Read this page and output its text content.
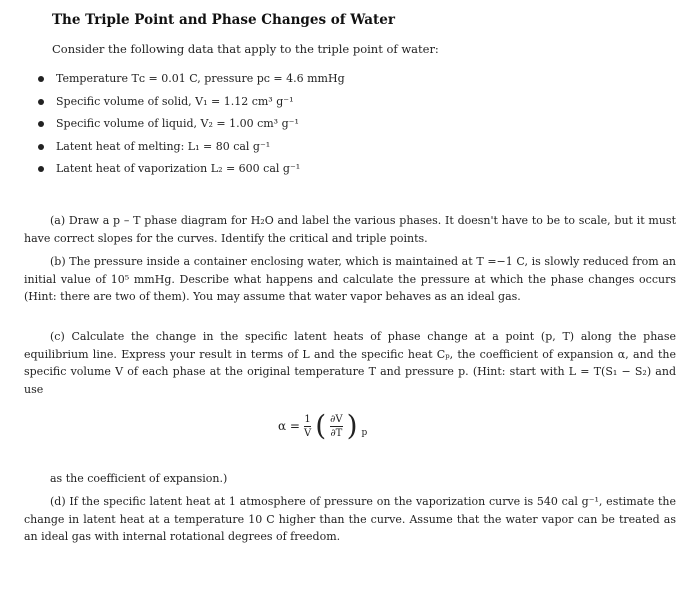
The Triple Point and Phase Changes of Water
Consider the following data that apply to the triple point of water:
Temperature Tᴄ = 0.01 C, pressure pᴄ = 4.6 mmHg
Specific volume of solid, V₁ = 1.12 cm³ g⁻¹
Specific volume of liquid, V₂ = 1.00 cm³ g⁻¹
Latent heat of melting: L₁ = 80 cal g⁻¹
Latent heat of vaporization L₂ = 600 cal g⁻¹
(a) Draw a p – T phase diagram for H₂O and label the various phases. It doesn't have to be to scale, but it must have correct slopes for the curves. Identify the critical and triple points.
(b) The pressure inside a container enclosing water, which is maintained at T =−1 C, is slowly reduced from an initial value of 10⁵ mmHg. Describe what happens and calculate the pressure at which the phase changes occurs (Hint: there are two of them). You may assume that water vapor behaves as an ideal gas.
(c) Calculate the change in the specific latent heats of phase change at a point (p, T) along the phase equilibrium line. Express your result in terms of L and the specific heat Cₚ, the coefficient of expansion α, and the specific volume V of each phase at the original temperature T and pressure p. (Hint: start with L = T(S₁ − S₂) and use
$\alpha = \frac{1}{V}$ ( $\frac{\partial V}{\partial T}$ ) p
as the coefficient of expansion.)
(d) If the specific latent heat at 1 atmosphere of pressure on the vaporization curve is 540 cal g⁻¹, estimate the change in latent heat at a temperature 10 C higher than the curve. Assume that the water vapor can be treated as an ideal gas with internal rotational degrees of freedom.
